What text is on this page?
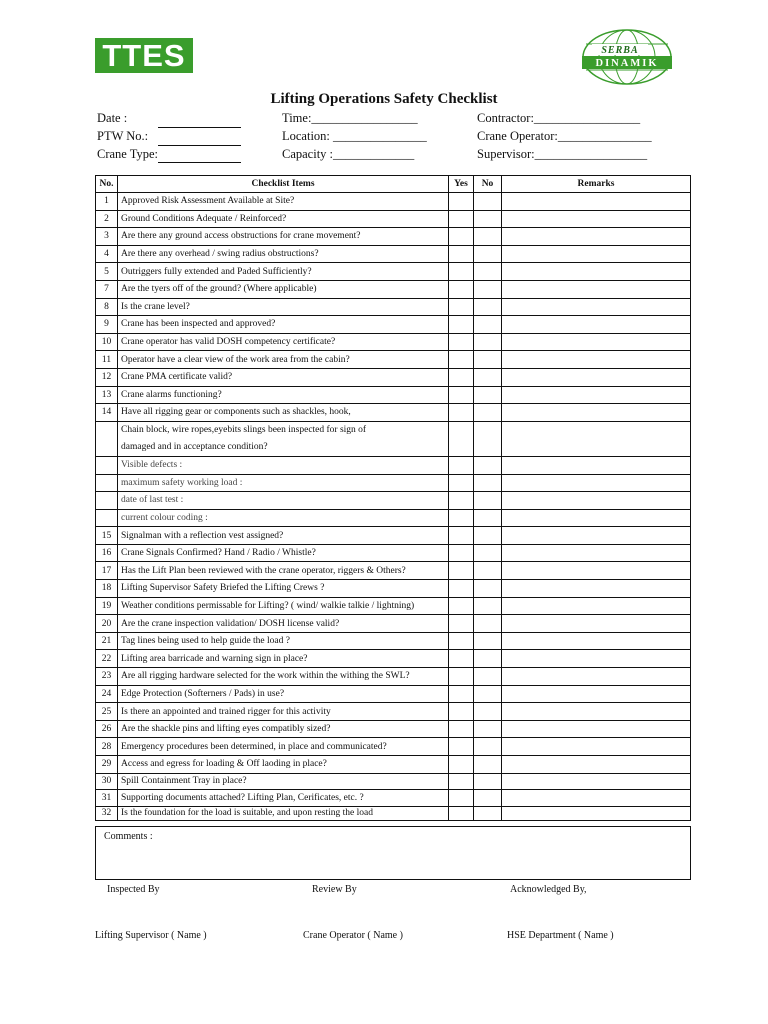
TTES	SERBA
DINAMIK
Lifting Operations Safety Checklist
Date :
PTW No.:
Crane Type:
Time:_________________
Location: _______________
Capacity :_____________
Contractor:_________________
Crane Operator:_______________
Supervisor:__________________
No.	Checklist Items	Yes	No	Remarks
1	Approved Risk Assessment Available at Site?			
2	Ground Conditions Adequate / Reinforced?			
3	Are there any ground access obstructions for crane movement?			
4	Are there any overhead / swing radius obstructions?			
5	Outriggers fully extended and Paded Sufficiently?			
7	Are the tyers off of the ground? (Where applicable)			
8	Is the crane level?			
9	Crane has been inspected and approved?			
10	Crane operator has valid DOSH competency certificate?			
11	Operator have a clear view of the work area from the cabin?			
12	Crane PMA certificate valid?			
13	Crane alarms functioning?			
14	Have all rigging gear or components such as shackles, hook,			
	Chain block, wire ropes,eyebits slings been inspected for sign of			
	damaged and in acceptance condition?			
	Visible defects :			
	maximum safety working load :			
	date of last test :			
	current colour coding :			
15	Signalman with a reflection vest assigned?			
16	Crane Signals Confirmed? Hand / Radio / Whistle?			
17	Has the Lift Plan been reviewed with the crane operator, riggers & Others?			
18	Lifting Supervisor Safety Briefed the Lifting Crews ?			
19	Weather conditions permissable for Lifting? ( wind/ walkie talkie / lightning)			
20	Are the crane inspection validation/ DOSH license valid?			
21	Tag lines being used to help guide the load ?			
22	Lifting area barricade and warning sign in place?			
23	Are all rigging hardware selected for the work within the withing the SWL?			
24	Edge Protection (Softerners / Pads) in use?			
25	Is there an appointed and trained rigger for this activity			
26	Are the shackle pins and lifting eyes compatibly sized?			
28	Emergency procedures been determined, in place and communicated?			
29	Access and egress for loading & Off laoding in place?			
30	Spill Containment Tray in place?			
31	Supporting documents attached? Lifting Plan, Cerificates, etc. ?			
32	Is the foundation for the load is suitable, and upon resting the load			
Comments :
Inspected By	Review By	Acknowledged By,
Lifting Supervisor ( Name )	Crane Operator ( Name )	HSE Department ( Name )
